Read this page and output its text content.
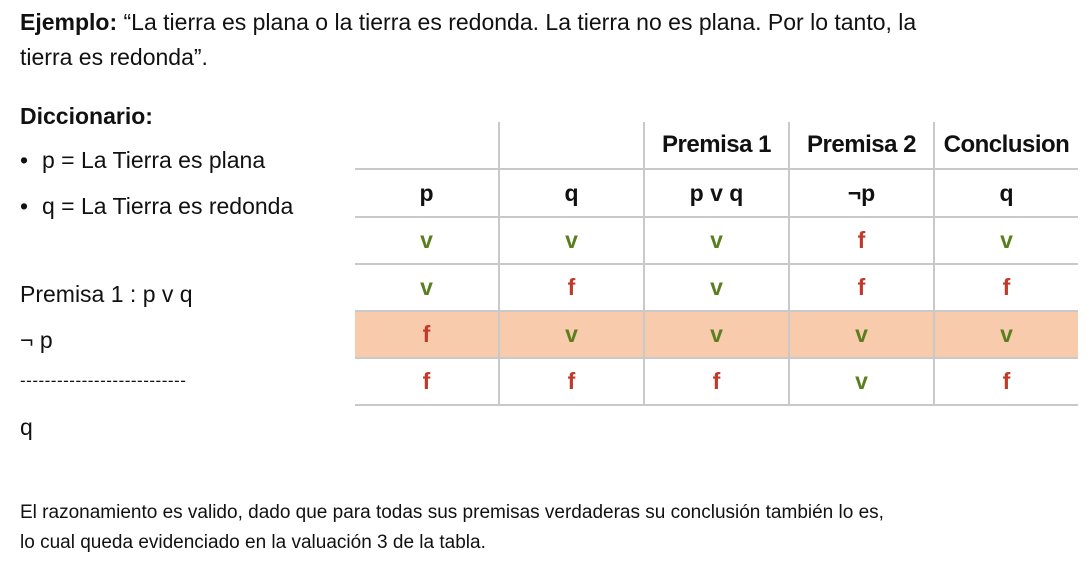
Ejemplo: “La tierra es plana o la tierra es redonda. La tierra no es plana. Por lo tanto, la
tierra es redonda”.
Diccionario:
• p = La Tierra es plana
• q = La Tierra es redonda
Premisa 1 : p v q
¬ p
---------------------------
q
		Premisa 1	Premisa 2	Conclusion
p	q	p v q	¬p	q
v	v	v	f	v
v	f	v	f	f
f	v	v	v	v
f	f	f	v	f
El razonamiento es valido, dado que para todas sus premisas verdaderas su conclusión también lo es,
lo cual queda evidenciado en la valuación 3 de la tabla.
